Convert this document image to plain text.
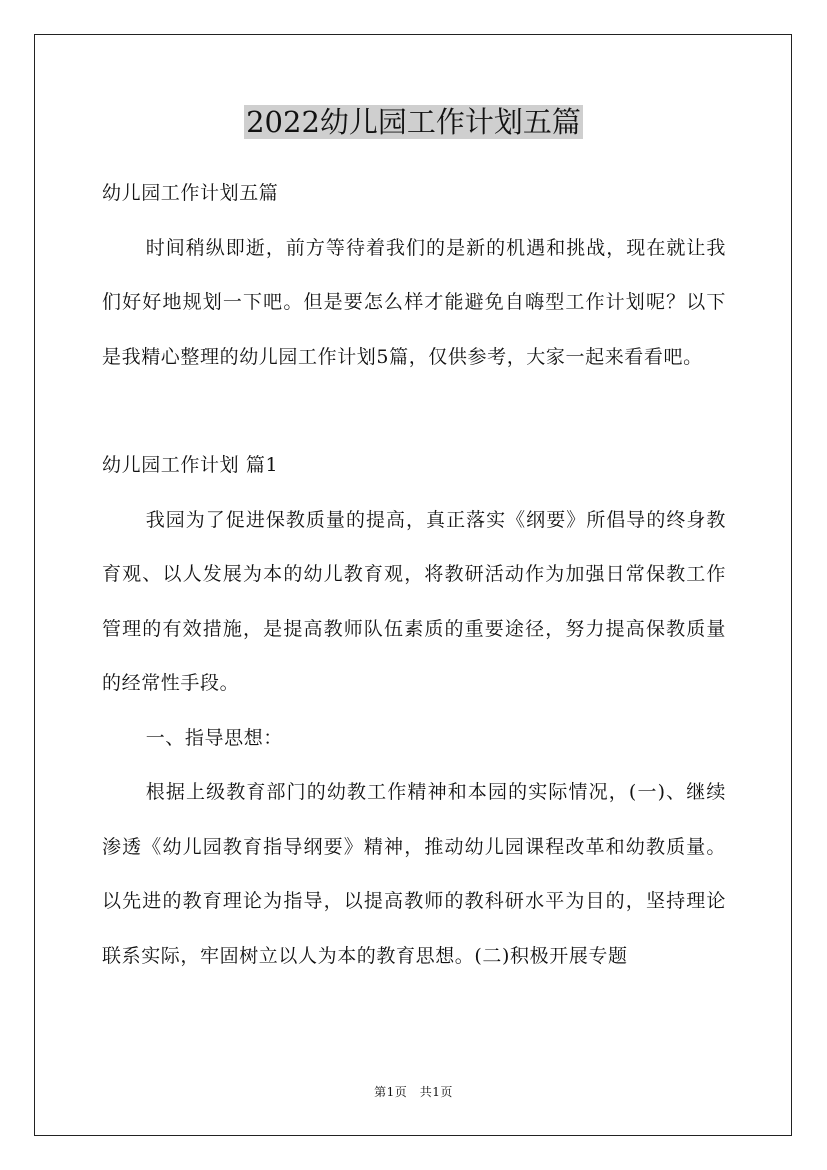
2022幼儿园工作计划五篇

幼儿园工作计划五篇

时间稍纵即逝，前方等待着我们的是新的机遇和挑战，现在就让我们好好地规划一下吧。但是要怎么样才能避免自嗨型工作计划呢？以下是我精心整理的幼儿园工作计划5篇，仅供参考，大家一起来看看吧。

幼儿园工作计划 篇1

我园为了促进保教质量的提高，真正落实《纲要》所倡导的终身教育观、以人发展为本的幼儿教育观，将教研活动作为加强日常保教工作管理的有效措施，是提高教师队伍素质的重要途径，努力提高保教质量的经常性手段。

一、指导思想：

根据上级教育部门的幼教工作精神和本园的实际情况，(一)、继续渗透《幼儿园教育指导纲要》精神，推动幼儿园课程改革和幼教质量。以先进的教育理论为指导，以提高教师的教科研水平为目的，坚持理论联系实际，牢固树立以人为本的教育思想。(二)积极开展专题

第1页　共1页
